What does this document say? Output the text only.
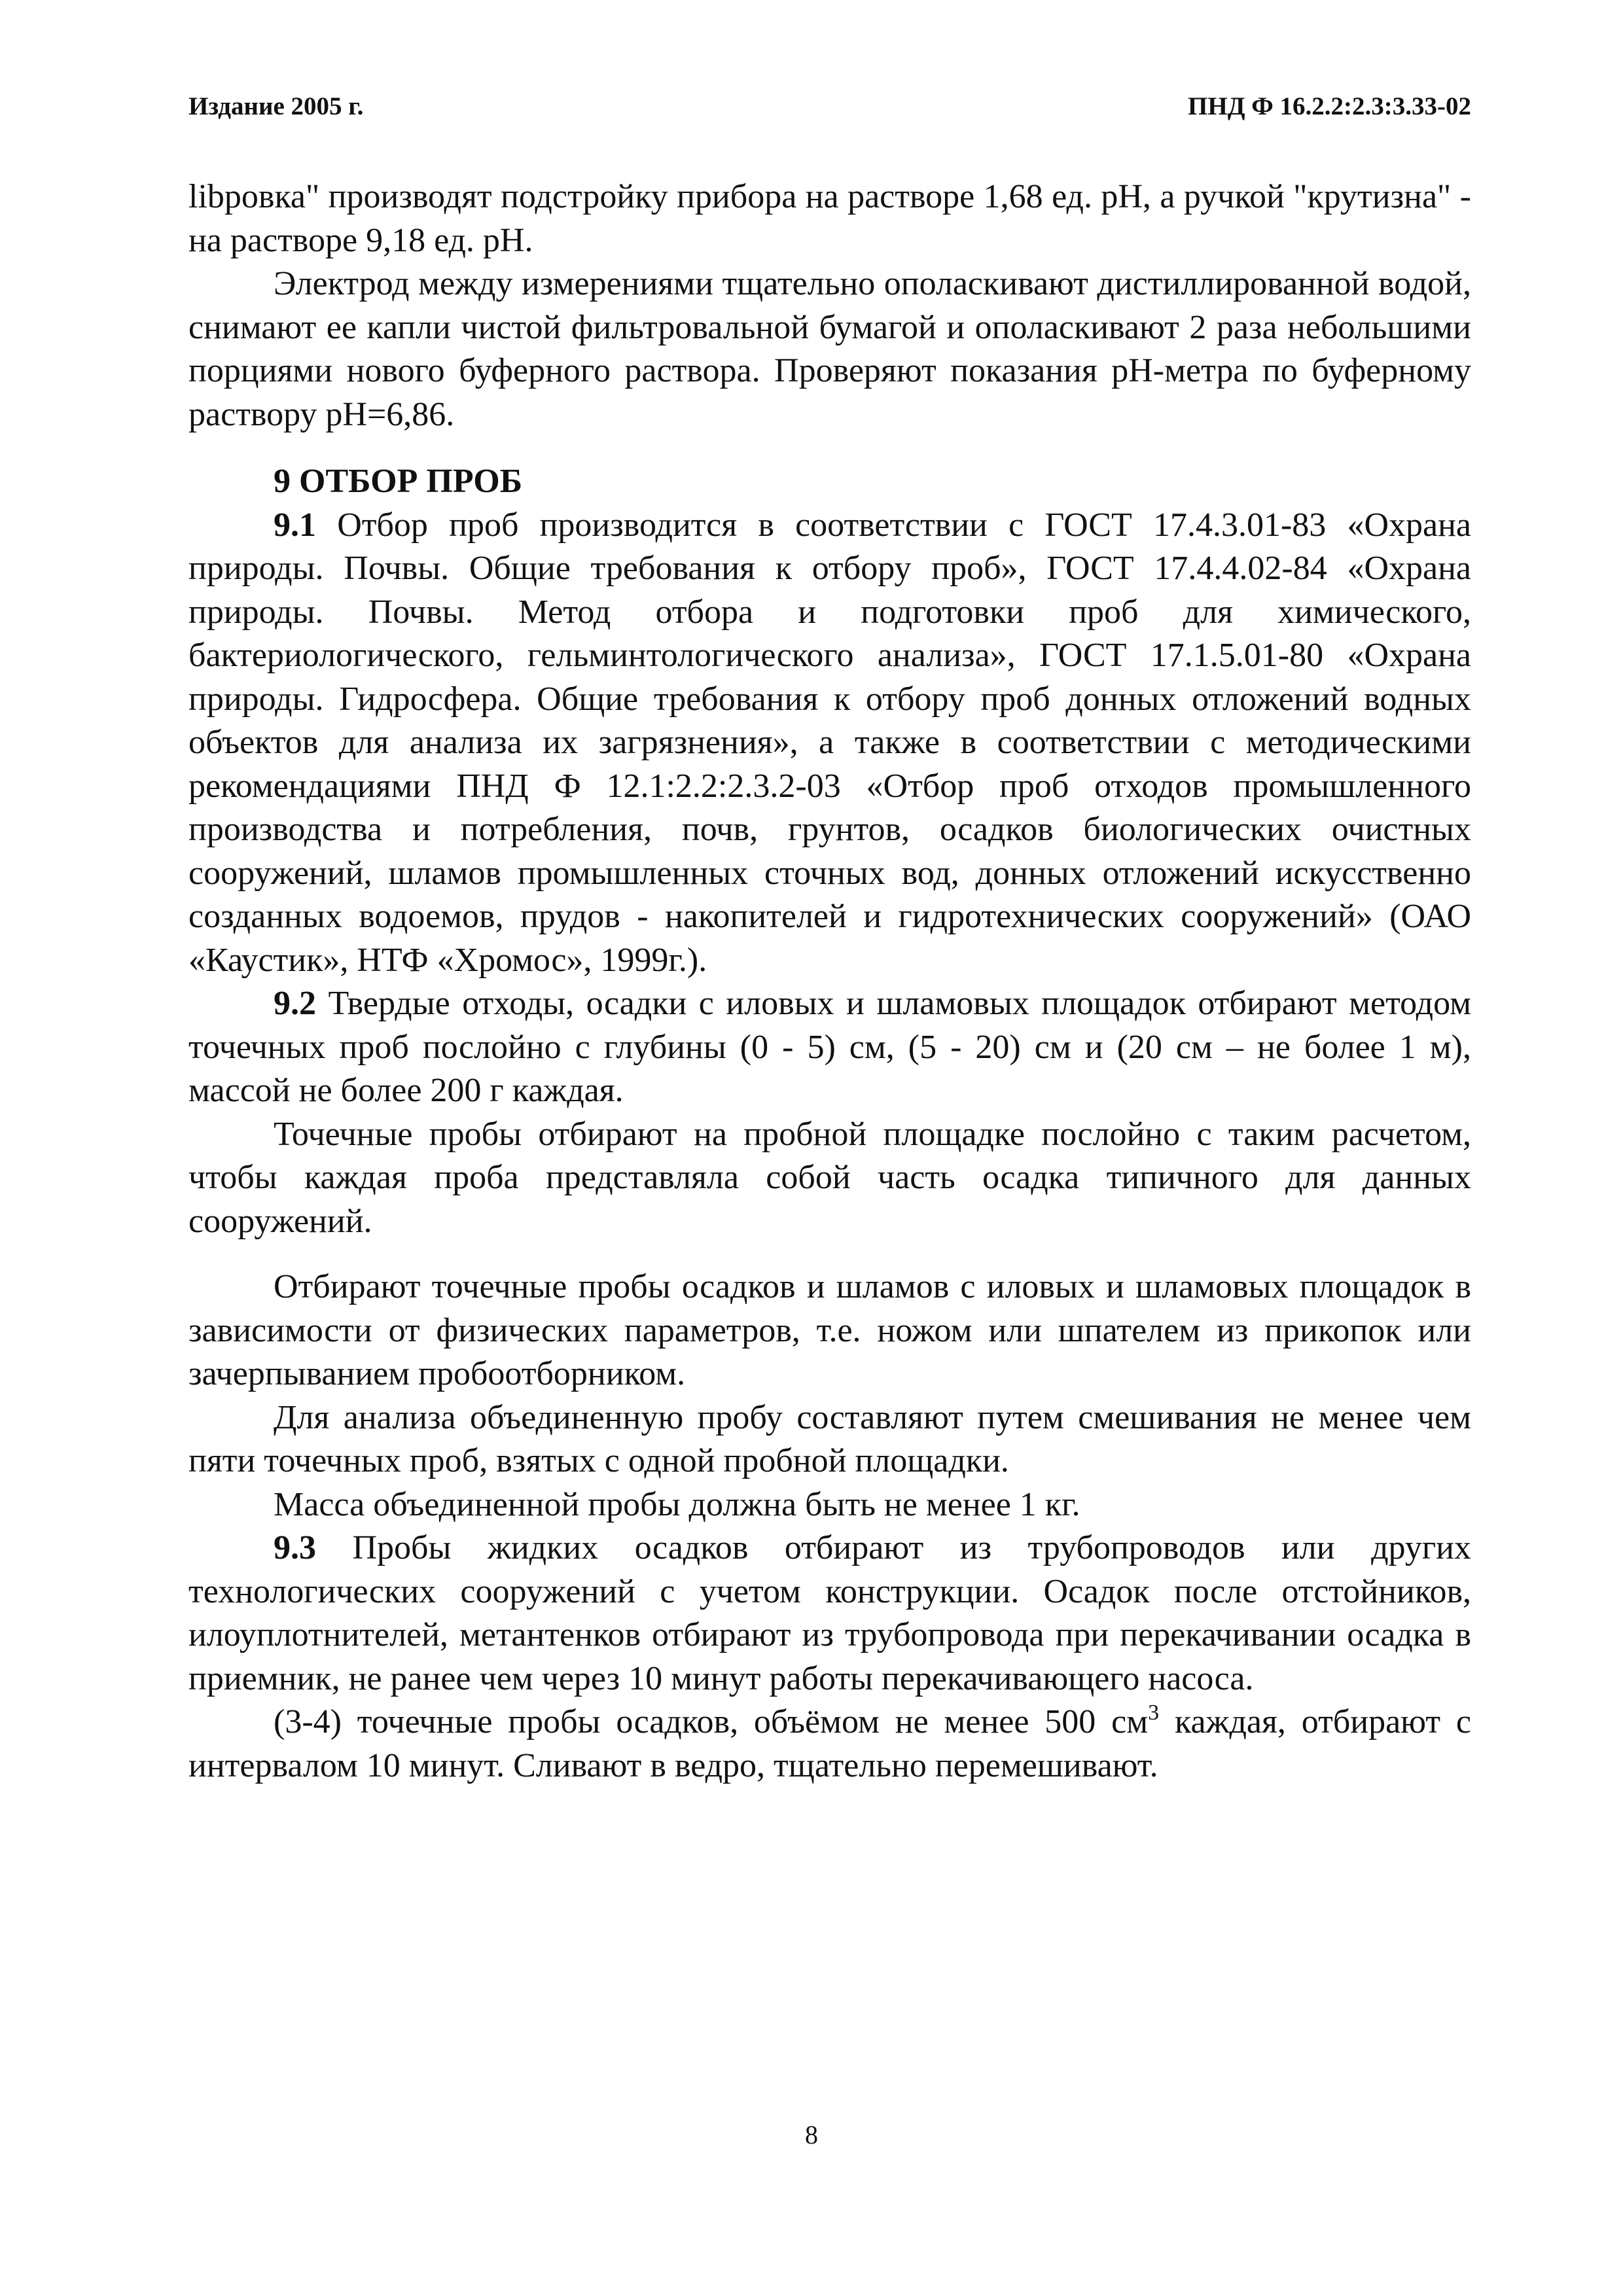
Издание 2005 г.	ПНД Ф 16.2.2:2.3:3.33-02

libровка" производят подстройку прибора на растворе 1,68 ед. pH, а ручкой "крутизна" - на растворе 9,18 ед. pH.

Электрод между измерениями тщательно ополаскивают дистиллированной водой, снимают ее капли чистой фильтровальной бумагой и ополаскивают 2 раза небольшими порциями нового буферного раствора. Проверяют показания pH-метра по буферному раствору pH=6,86.

9 ОТБОР ПРОБ

9.1 Отбор проб производится в соответствии с ГОСТ 17.4.3.01-83 «Охрана природы. Почвы. Общие требования к отбору проб», ГОСТ 17.4.4.02-84 «Охрана природы. Почвы. Метод отбора и подготовки проб для химического, бактериологического, гельминтологического анализа», ГОСТ 17.1.5.01-80 «Охрана природы. Гидросфера. Общие требования к отбору проб донных отложений водных объектов для анализа их загрязнения», а также в соответствии с методическими рекомендациями ПНД Ф 12.1:2.2:2.3.2-03 «Отбор проб отходов промышленного производства и потребления, почв, грунтов, осадков биологических очистных сооружений, шламов промышленных сточных вод, донных отложений искусственно созданных водоемов, прудов - накопителей и гидротехнических сооружений» (ОАО «Каустик», НТФ «Хромос», 1999г.).

9.2 Твердые отходы, осадки с иловых и шламовых площадок отбирают методом точечных проб послойно с глубины (0 - 5) см, (5 - 20) см и (20 см – не более 1 м), массой не более 200 г каждая.

Точечные пробы отбирают на пробной площадке послойно с таким расчетом, чтобы каждая проба представляла собой часть осадка типичного для данных сооружений.

Отбирают точечные пробы осадков и шламов с иловых и шламовых площадок в зависимости от физических параметров, т.е. ножом или шпателем из прикопок или зачерпыванием пробоотборником.

Для анализа объединенную пробу составляют путем смешивания не менее чем пяти точечных проб, взятых с одной пробной площадки.

Масса объединенной пробы должна быть не менее 1 кг.

9.3 Пробы жидких осадков отбирают из трубопроводов или других технологических сооружений с учетом конструкции. Осадок после отстойников, илоуплотнителей, метантенков отбирают из трубопровода при перекачивании осадка в приемник, не ранее чем через 10 минут работы перекачивающего насоса.

(3-4) точечные пробы осадков, объёмом не менее 500 $см^3$ каждая, отбирают с интервалом 10 минут. Сливают в ведро, тщательно перемешивают.

8
